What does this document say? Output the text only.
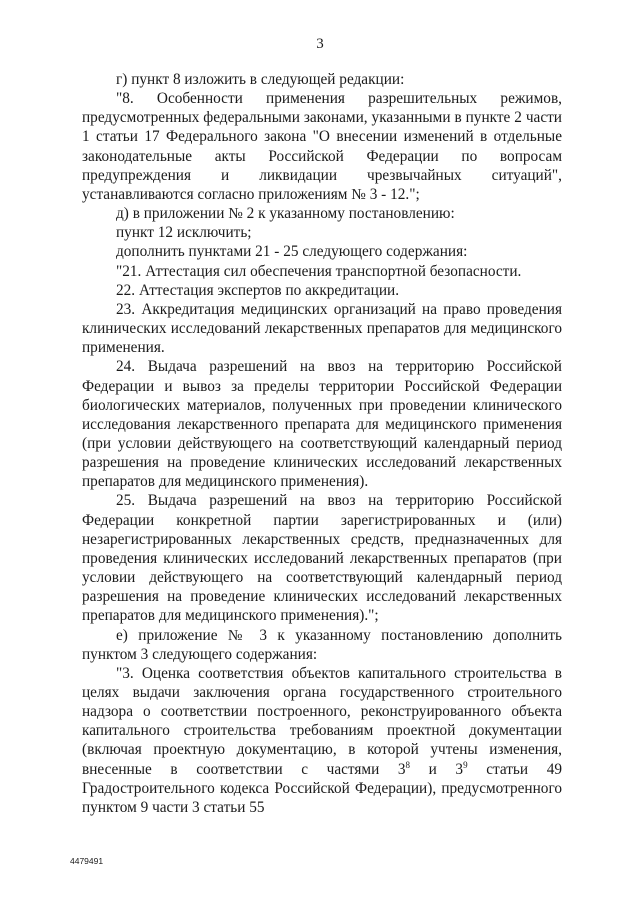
3

г) пункт 8 изложить в следующей редакции:

"8. Особенности применения разрешительных режимов, предусмотренных федеральными законами, указанными в пункте 2 части 1 статьи 17 Федерального закона "О внесении изменений в отдельные законодательные акты Российской Федерации по вопросам предупреждения и ликвидации чрезвычайных ситуаций", устанавливаются согласно приложениям № 3 - 12.";

д) в приложении № 2 к указанному постановлению:

пункт 12 исключить;

дополнить пунктами 21 - 25 следующего содержания:

"21. Аттестация сил обеспечения транспортной безопасности.

22. Аттестация экспертов по аккредитации.

23. Аккредитация медицинских организаций на право проведения клинических исследований лекарственных препаратов для медицинского применения.

24. Выдача разрешений на ввоз на территорию Российской Федерации и вывоз за пределы территории Российской Федерации биологических материалов, полученных при проведении клинического исследования лекарственного препарата для медицинского применения (при условии действующего на соответствующий календарный период разрешения на проведение клинических исследований лекарственных препаратов для медицинского применения).

25. Выдача разрешений на ввоз на территорию Российской Федерации конкретной партии зарегистрированных и (или) незарегистрированных лекарственных средств, предназначенных для проведения клинических исследований лекарственных препаратов (при условии действующего на соответствующий календарный период разрешения на проведение клинических исследований лекарственных препаратов для медицинского применения).";

е) приложение № 3 к указанному постановлению дополнить пунктом 3 следующего содержания:

"3. Оценка соответствия объектов капитального строительства в целях выдачи заключения органа государственного строительного надзора о соответствии построенного, реконструированного объекта капитального строительства требованиям проектной документации (включая проектную документацию, в которой учтены изменения, внесенные в соответствии с частями $3^8$ и $3^9$ статьи 49 Градостроительного кодекса Российской Федерации), предусмотренного пунктом 9 части 3 статьи 55

4479491
